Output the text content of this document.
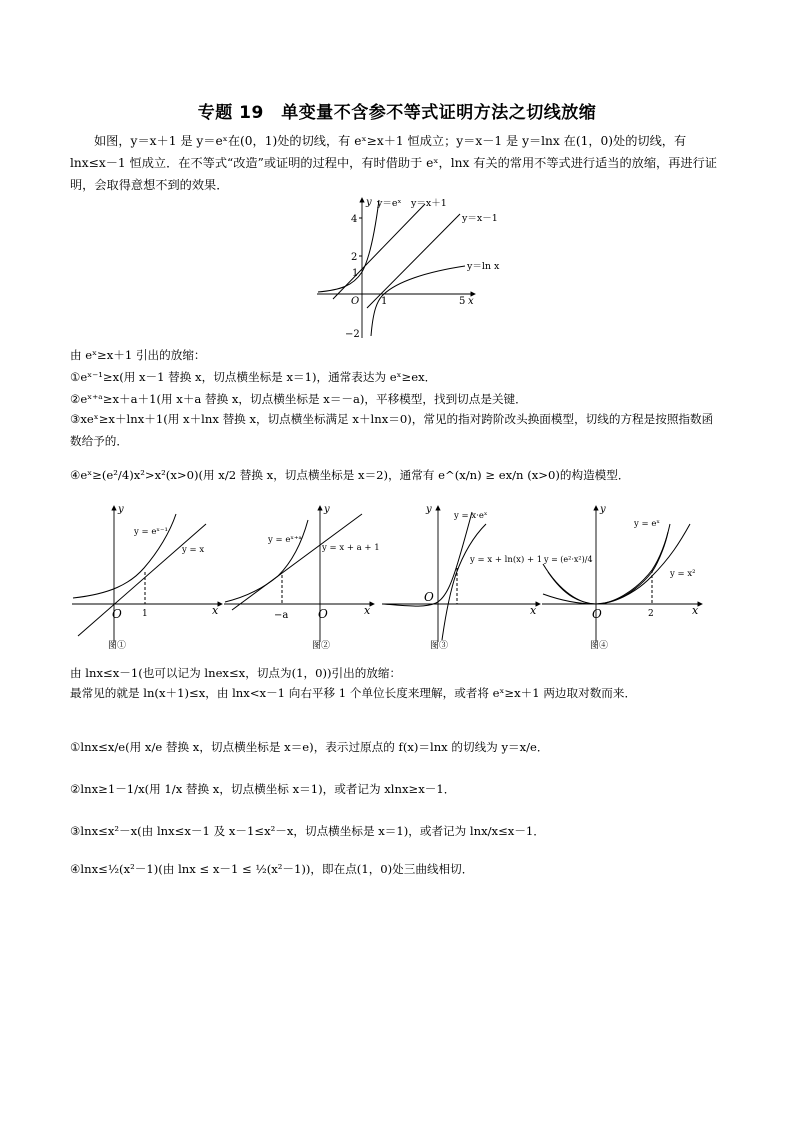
专题 19　单变量不含参不等式证明方法之切线放缩
如图，y＝x＋1 是 y＝eˣ在(0，1)处的切线，有 eˣ≥x＋1 恒成立；y＝x－1 是 y＝lnx 在(1，0)处的切线，有 lnx≤x－1 恒成立．在不等式“改造”或证明的过程中，有时借助于 eˣ，lnx 有关的常用不等式进行适当的放缩，再进行证明，会取得意想不到的效果．
4
2
1
−2
O 1	5 x
y y＝eˣ y＝x＋1
y＝x－1
y＝ln x
由 eˣ≥x＋1 引出的放缩：
①eˣ⁻¹≥x(用 x－1 替换 x，切点横坐标是 x＝1)，通常表达为 eˣ≥ex．
②eˣ⁺ᵃ≥x＋a＋1(用 x＋a 替换 x，切点横坐标是 x＝－a)，平移模型，找到切点是关键．
③xeˣ≥x＋lnx＋1(用 x＋lnx 替换 x，切点横坐标满足 x＋lnx＝0)，常见的指对跨阶改头换面模型，切线的方程是按照指数函数给予的．
④eˣ≥(e²/4)x²>x²(x>0)(用 x/2 替换 x，切点横坐标是 x＝2)，通常有 e^(x/n) ≥ ex/n (x>0)的构造模型．
y
x
O 1
y = eˣ⁻¹
y = x
图①
y
x
O
−a
y = eˣ⁺ᵃ
y = x + a + 1
图②
y
x
O
y = x·eˣ
y = x + ln(x) + 1
图③
y
x
O	2
y = eˣ
y = x²
y = (e²·x²)/4
图④
由 lnx≤x－1(也可以记为 lnex≤x，切点为(1，0))引出的放缩：
最常见的就是 ln(x＋1)≤x，由 lnx<x－1 向右平移 1 个单位长度来理解，或者将 eˣ≥x＋1 两边取对数而来．
①lnx≤x/e(用 x/e 替换 x，切点横坐标是 x＝e)，表示过原点的 f(x)＝lnx 的切线为 y＝x/e．
②lnx≥1－1/x(用 1/x 替换 x，切点横坐标 x＝1)，或者记为 xlnx≥x－1．
③lnx≤x²－x(由 lnx≤x－1 及 x－1≤x²－x，切点横坐标是 x＝1)，或者记为 lnx/x≤x－1．
④lnx≤½(x²－1)(由 lnx ≤ x－1 ≤ ½(x²－1))，即在点(1，0)处三曲线相切．
